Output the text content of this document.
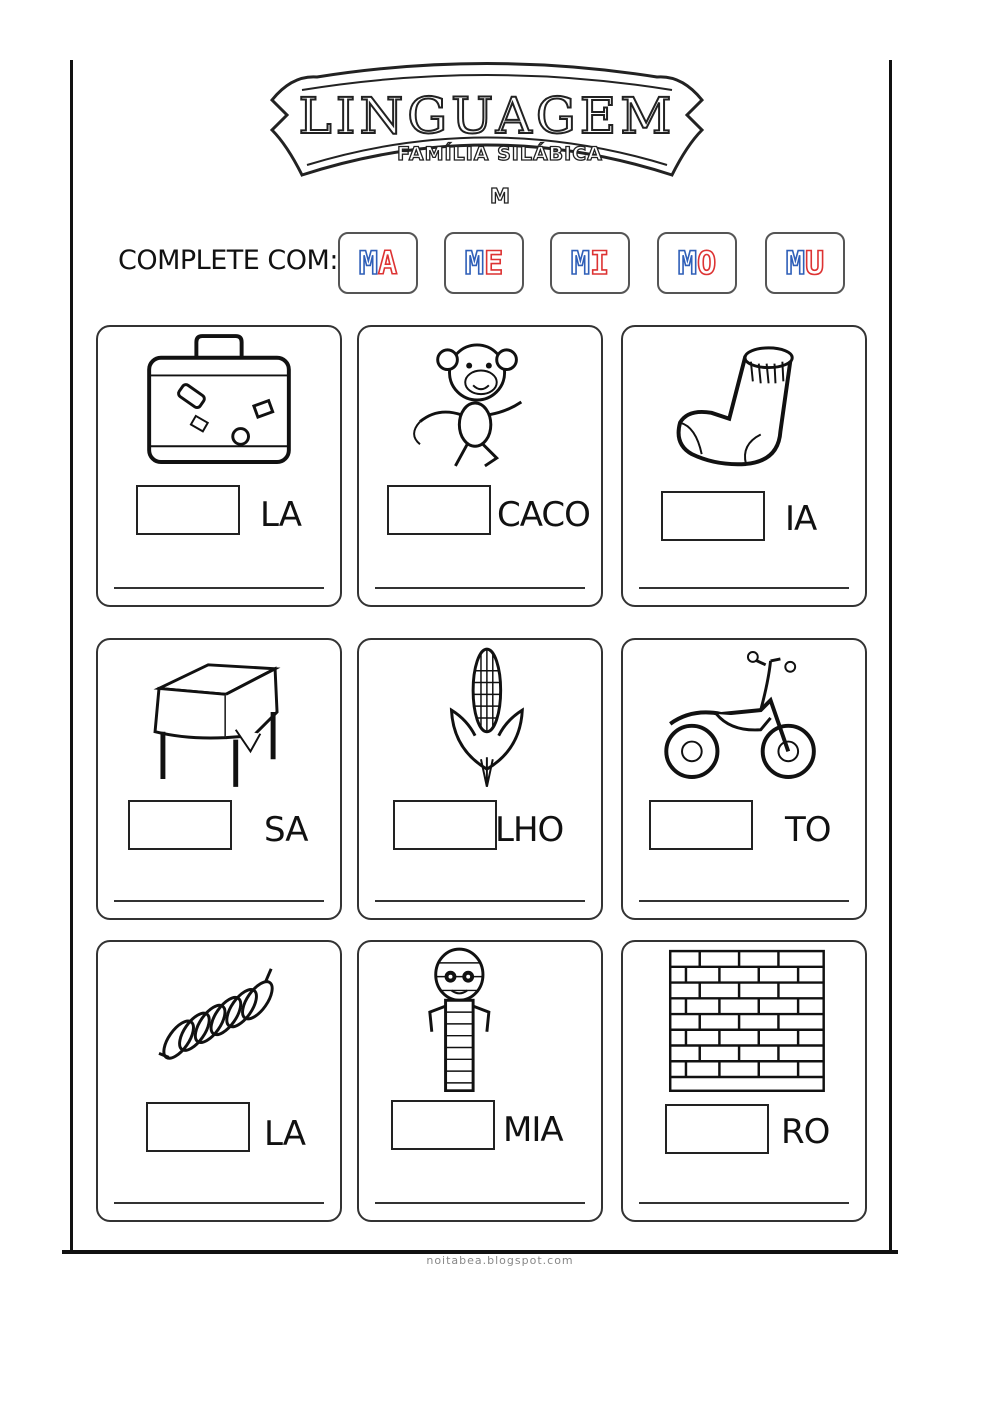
LINGUAGEM
FAMÍLIA SILÁBICA
M
COMPLETE COM: MA ME MI MO MU
LA	CACO	IA
SA	LHO	TO
LA	MIA	RO
noitabea.blogspot.com
